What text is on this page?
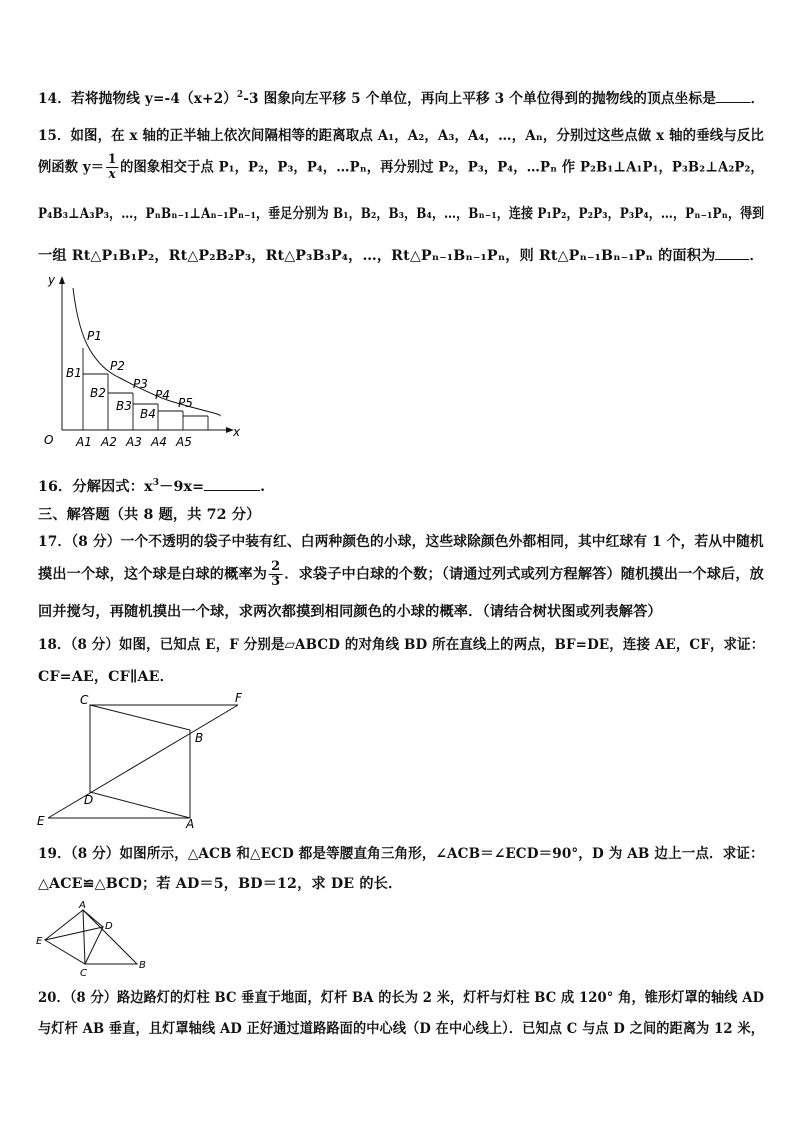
14．若将抛物线 $y=-4(x+2)^2-3$ 图象向左平移 5 个单位，再向上平移 3 个单位得到的抛物线的顶点坐标是 ．
15．如图，在 x 轴的正半轴上依次间隔相等的距离取点 A₁，A₂，A₃，A₄，…，Aₙ，分别过这些点做 x 轴的垂线与反比
例函数 $y= \frac{1}{x}$ 的图象相交于点 P₁，P₂，P₃，P₄，…Pₙ，再分别过 P₂，P₃，P₄，…Pₙ 作 P₂B₁⊥A₁P₁，P₃B₂⊥A₂P₂，
P₄B₃⊥A₃P₃，…，PₙBₙ₋₁⊥Aₙ₋₁Pₙ₋₁，垂足分别为 B₁，B₂，B₃，B₄，…，Bₙ₋₁，连接 P₁P₂，P₂P₃，P₃P₄，…，Pₙ₋₁Pₙ，得到
一组 Rt△P₁B₁P₂，Rt△P₂B₂P₃，Rt△P₃B₃P₄，…，Rt△Pₙ₋₁Bₙ₋₁Pₙ，则 Rt△Pₙ₋₁Bₙ₋₁Pₙ 的面积为 ．
y
x
O
P1
P2
P3
P4
P5
B1
B2
B3
B4
A1 A2 A3 A4 A5
16．分解因式：$x^3-9x=$	.
三、解答题（共 8 题，共 72 分）
17．（8 分）一个不透明的袋子中装有红、白两种颜色的小球，这些球除颜色外都相同，其中红球有 1 个，若从中随机
摸出一个球，这个球是白球的概率为 $\frac{2}{3}$ ．求袋子中白球的个数；（请通过列式或列方程解答）随机摸出一个球后，放
回并搅匀，再随机摸出一个球，求两次都摸到相同颜色的小球的概率．（请结合树状图或列表解答）
18．（8 分）如图，已知点 E，F 分别是▱ABCD 的对角线 BD 所在直线上的两点，BF=DE，连接 AE，CF，求证：
CF=AE，CF∥AE．
C	F
B
D
E	A
19．（8 分）如图所示，△ACB 和△ECD 都是等腰直角三角形，∠ACB＝∠ECD＝90°，D 为 AB 边上一点．求证：
△ACE≌△BCD；若 AD＝5，BD＝12，求 DE 的长．
A
D
E
C
B
20．（8 分）路边路灯的灯柱 BC 垂直于地面，灯杆 BA 的长为 2 米，灯杆与灯柱 BC 成 120° 角，锥形灯罩的轴线 AD
与灯杆 AB 垂直，且灯罩轴线 AD 正好通过道路路面的中心线（D 在中心线上）．已知点 C 与点 D 之间的距离为 12 米，
